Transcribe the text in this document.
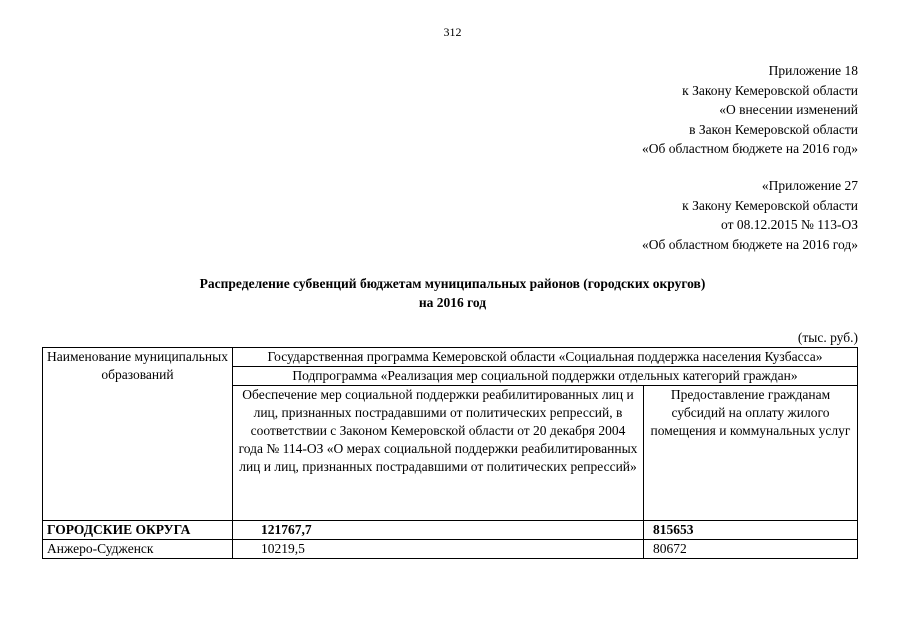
312
Приложение 18
к Закону Кемеровской области
«О внесении изменений
в Закон Кемеровской области
«Об областном бюджете на 2016 год»
«Приложение 27
к Закону Кемеровской области
от 08.12.2015 № 113-ОЗ
«Об областном бюджете на 2016 год»
Распределение субвенций бюджетам муниципальных районов (городских округов)
на 2016 год
(тыс. руб.)
Наименование муниципальных образований	Государственная программа Кемеровской области «Социальная поддержка населения Кузбасса»	
	Подпрограмма «Реализация мер социальной поддержки отдельных категорий граждан»	
	Обеспечение мер социальной поддержки реабилитированных лиц и лиц, признанных пострадавшими от политических репрессий, в соответствии с Законом Кемеровской области от 20 декабря 2004 года № 114-ОЗ «О мерах социальной поддержки реабилитированных лиц и лиц, признанных пострадавшими от политических репрессий»	Предоставление гражданам субсидий на оплату жилого помещения и коммунальных услуг
ГОРОДСКИЕ ОКРУГА	121767,7	815653
Анжеро-Судженск	10219,5	80672
